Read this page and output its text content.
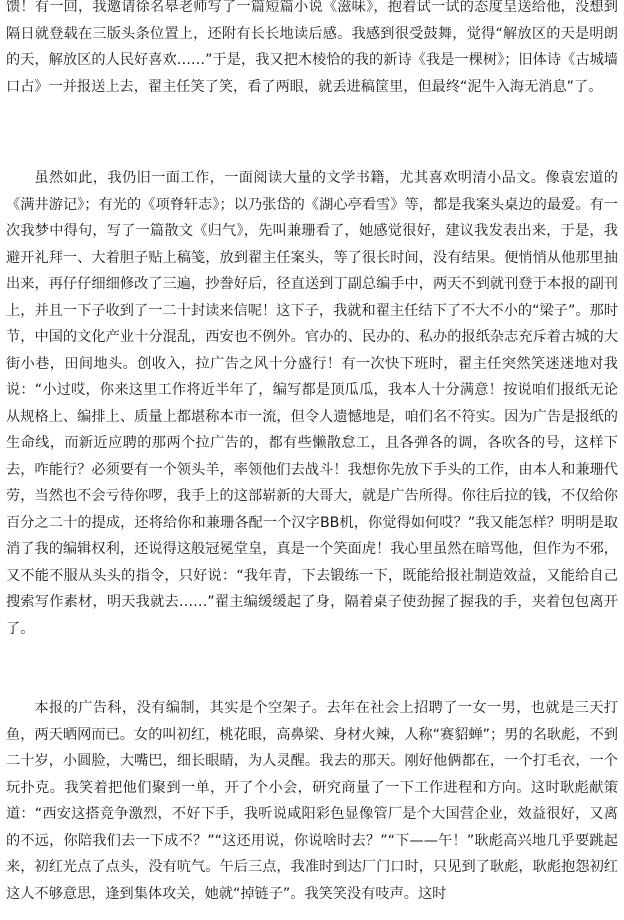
馈！有一回，我邀请徐名皋老师写了一篇短篇小说《滋味》，抱着试一试的态度呈送给他，没想到隔日就登载在三版头条位置上，还附有长长地读后感。我感到很受鼓舞，觉得“解放区的天是明朗的天，解放区的人民好喜欢……”于是，我又把木棱恰的我的新诗《我是一棵树》；旧体诗《古城墙口占》一并报送上去，翟主任笑了笑，看了两眼，就丢进稿筐里，但最终“泥牛入海无消息”了。

虽然如此，我仍旧一面工作，一面阅读大量的文学书籍，尤其喜欢明清小品文。像袁宏道的《满井游记》；有光的《项脊轩志》；以乃张岱的《湖心亭看雪》等，都是我案头桌边的最爱。有一次我梦中得句，写了一篇散文《归气》，先叫兼珊看了，她感觉很好，建议我发表出来，于是，我避开礼拜一、大着胆子贴上稿笺，放到翟主任案头，等了很长时间，没有结果。便悄悄从他那里抽出来，再仔仔细细修改了三遍，抄誊好后，径直送到丁副总编手中，两天不到就刊登于本报的副刊上，并且一下子收到了一二十封读来信呢！这下子，我就和翟主任结下了不大不小的“梁子”。那时节，中国的文化产业十分混乱，西安也不例外。官办的、民办的、私办的报纸杂志充斥着古城的大街小巷，田间地头。创收入，拉广告之风十分盛行！有一次快下班时，翟主任突然笑迷迷地对我说：“小过哎，你来这里工作将近半年了，编写都是顶瓜瓜，我本人十分满意！按说咱们报纸无论从规格上、编排上、质量上都堪称本市一流，但令人遗憾地是，咱们名不符实。因为广告是报纸的生命线，而新近应聘的那两个拉广告的，都有些懒散怠工，且各弹各的调，各吹各的号，这样下去，咋能行？必须要有一个领头羊，率领他们去战斗！我想你先放下手头的工作，由本人和兼珊代劳，当然也不会亏待你啰，我手上的这部崭新的大哥大，就是广告所得。你往后拉的钱，不仅给你百分之二十的提成，还将给你和兼珊各配一个汉字BB机，你觉得如何哎？”我又能怎样？明明是取消了我的编辑权利，还说得这般冠冕堂皇，真是一个笑面虎！我心里虽然在暗骂他，但作为不邪，又不能不服从头头的指令，只好说：“我年青，下去锻练一下，既能给报社制造效益，又能给自己搜索写作素材，明天我就去……”翟主编缓缓起了身，隔着桌子使劲握了握我的手，夹着包包离开了。

本报的广告科，没有编制，其实是个空架子。去年在社会上招聘了一女一男，也就是三天打鱼，两天晒网而已。女的叫初红，桃花眼，高鼻梁、身材火辣，人称“赛貂蝉”；男的名耿彪，不到二十岁，小圆脸，大嘴巴，细长眼睛，为人灵醒。我去的那天。刚好他俩都在，一个打毛衣，一个玩扑克。我笑着把他们聚到一单，开了个小会，研究商量了一下工作进程和方向。这时耿彪献策道：“西安这搭竞争激烈，不好下手，我听说咸阳彩色显像管厂是个大国营企业，效益很好，又离的不远，你陪我们去一下成不？”“这还用说，你说啥时去？”“下——午！”耿彪高兴地几乎要跳起来，初红光点了点头，没有吭气。午后三点，我准时到达厂门口时，只见到了耿彪，耿彪抱怨初红这人不够意思，逢到集体攻关，她就“掉链子”。我笑笑没有吱声。这时
